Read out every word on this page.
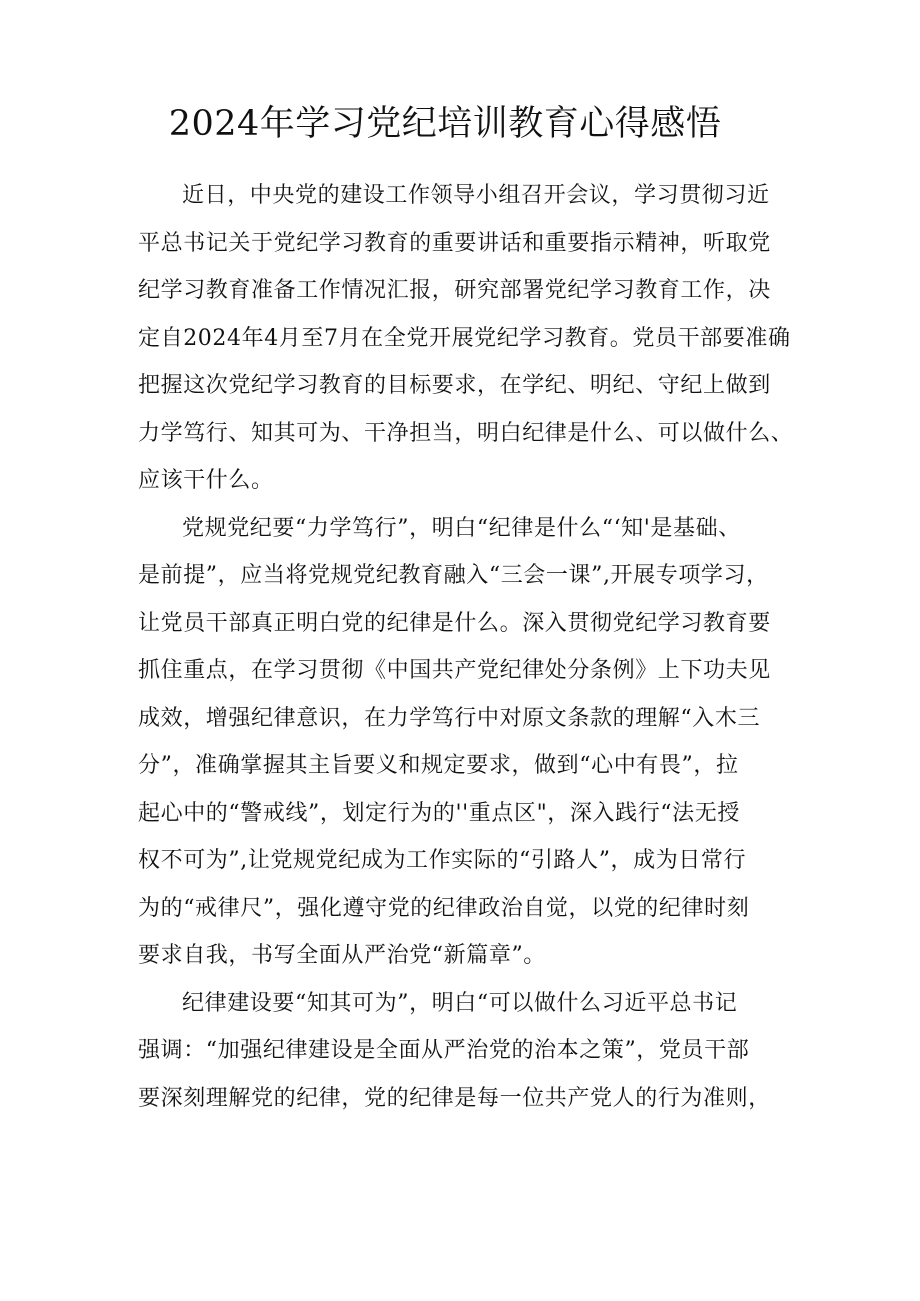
2024年学习党纪培训教育心得感悟
近日，中央党的建设工作领导小组召开会议，学习贯彻习近
平总书记关于党纪学习教育的重要讲话和重要指示精神，听取党
纪学习教育准备工作情况汇报，研究部署党纪学习教育工作，决
定自2024年4月至7月在全党开展党纪学习教育。党员干部要准确
把握这次党纪学习教育的目标要求，在学纪、明纪、守纪上做到
力学笃行、知其可为、干净担当，明白纪律是什么、可以做什么、
应该干什么。
党规党纪要“力学笃行”，明白“纪律是什么“‘知'是基础、
是前提”，应当将党规党纪教育融入“三会一课”,开展专项学习，
让党员干部真正明白党的纪律是什么。深入贯彻党纪学习教育要
抓住重点，在学习贯彻《中国共产党纪律处分条例》上下功夫见
成效，增强纪律意识，在力学笃行中对原文条款的理解“入木三
分”，准确掌握其主旨要义和规定要求，做到“心中有畏”，拉
起心中的“警戒线”，划定行为的''重点区"，深入践行“法无授
权不可为”,让党规党纪成为工作实际的“引路人”，成为日常行
为的“戒律尺”，强化遵守党的纪律政治自觉，以党的纪律时刻
要求自我，书写全面从严治党“新篇章”。
纪律建设要“知其可为”，明白“可以做什么习近平总书记
强调：“加强纪律建设是全面从严治党的治本之策”，党员干部
要深刻理解党的纪律，党的纪律是每一位共产党人的行为准则，
